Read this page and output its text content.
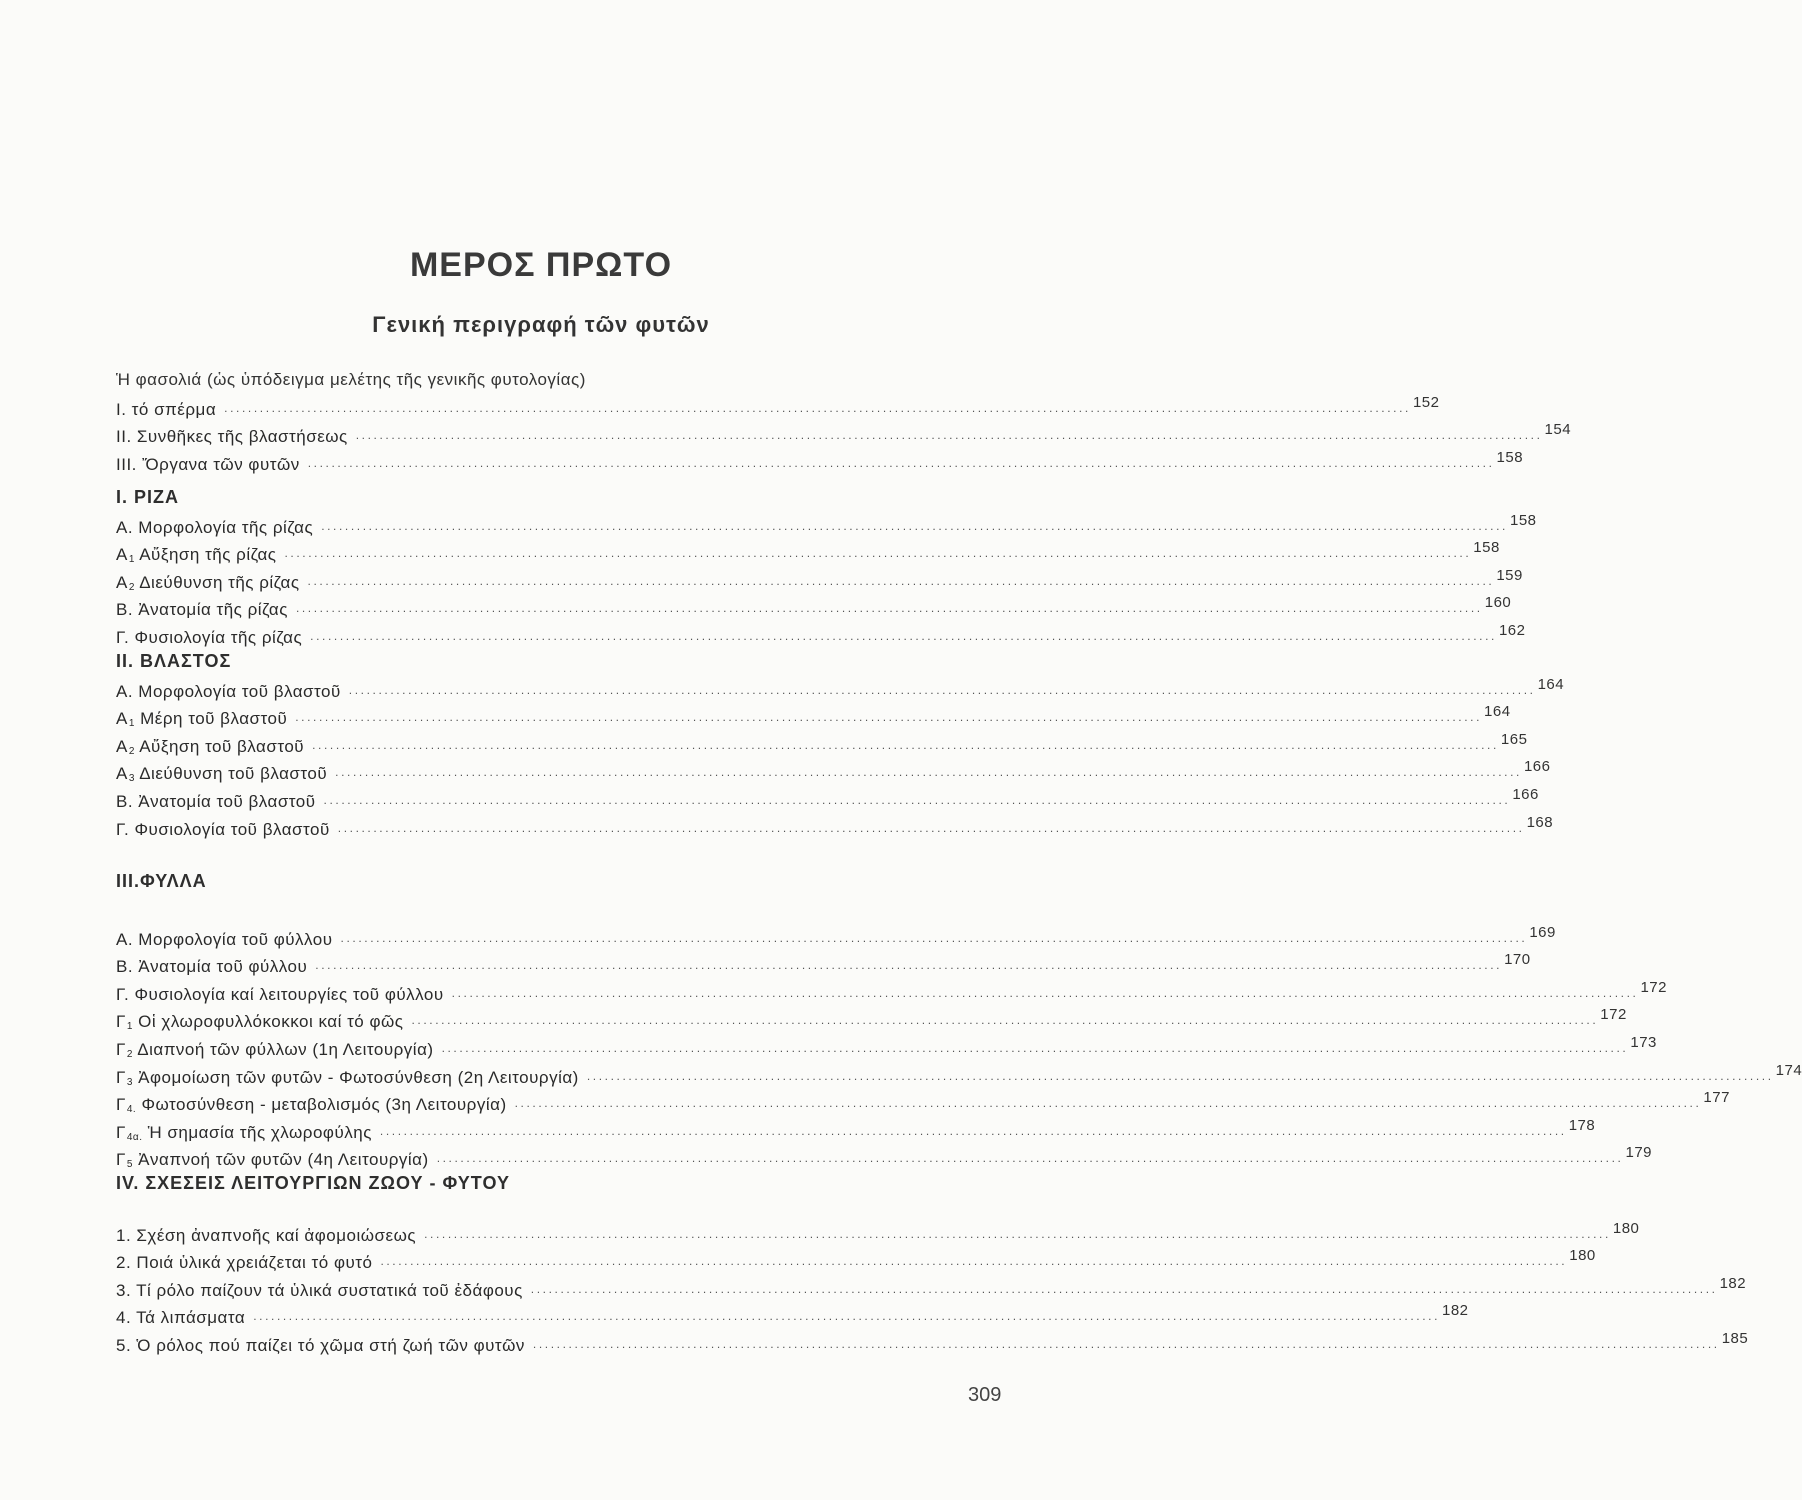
ΜΕΡΟΣ ΠΡΩΤΟ
Γενική περιγραφή τῶν φυτῶν
Ἡ φασολιά (ὡς ὑπόδειγμα μελέτης τῆς γενικῆς φυτολογίας)
I. τό σπέρμα ........................................................................................................................................................................................................ 152
II. Συνθῆκες τῆς βλαστήσεως ........................................................................................................................................................................................................ 154
III. Ὄργανα τῶν φυτῶν ........................................................................................................................................................................................................ 158
I. ΡΙΖΑ
Α. Μορφολογία τῆς ρίζας ........................................................................................................................................................................................................ 158
$A_1$ Αὔξηση τῆς ρίζας ........................................................................................................................................................................................................ 158
$A_2$ Διεύθυνση τῆς ρίζας ........................................................................................................................................................................................................ 159
Β. Ἀνατομία τῆς ρίζας ........................................................................................................................................................................................................ 160
Γ. Φυσιολογία τῆς ρίζας ........................................................................................................................................................................................................ 162
II. ΒΛΑΣΤΟΣ
Α. Μορφολογία τοῦ βλαστοῦ ........................................................................................................................................................................................................ 164
$A_1$ Μέρη τοῦ βλαστοῦ ........................................................................................................................................................................................................ 164
$A_2$ Αὔξηση τοῦ βλαστοῦ ........................................................................................................................................................................................................ 165
$A_3$ Διεύθυνση τοῦ βλαστοῦ ........................................................................................................................................................................................................ 166
Β. Ἀνατομία τοῦ βλαστοῦ ........................................................................................................................................................................................................ 166
Γ. Φυσιολογία τοῦ βλαστοῦ ........................................................................................................................................................................................................ 168
III.ΦΥΛΛΑ
Α. Μορφολογία τοῦ φύλλου ........................................................................................................................................................................................................ 169
Β. Ἀνατομία τοῦ φύλλου ........................................................................................................................................................................................................ 170
Γ. Φυσιολογία καί λειτουργίες τοῦ φύλλου ........................................................................................................................................................................................................ 172
$\Gamma_1$ Οἱ χλωροφυλλόκοκκοι καί τό φῶς ........................................................................................................................................................................................................ 172
$\Gamma_2$ Διαπνοή τῶν φύλλων (1η Λειτουργία) ........................................................................................................................................................................................................ 173
$\Gamma_3$ Ἀφομοίωση τῶν φυτῶν - Φωτοσύνθεση (2η Λειτουργία) ........................................................................................................................................................................................................ 174
$\Gamma_{4.}$ Φωτοσύνθεση - μεταβολισμός (3η Λειτουργία) ........................................................................................................................................................................................................ 177
$\Gamma_{4\alpha.}$ Ἡ σημασία τῆς χλωροφύλης ........................................................................................................................................................................................................ 178
$\Gamma_5$ Ἀναπνοή τῶν φυτῶν (4η Λειτουργία) ........................................................................................................................................................................................................ 179
IV. ΣΧΕΣΕΙΣ ΛΕΙΤΟΥΡΓΙΩΝ ΖΩΟΥ - ΦΥΤΟΥ
1. Σχέση ἀναπνοῆς καί ἀφομοιώσεως ........................................................................................................................................................................................................ 180
2. Ποιά ὑλικά χρειάζεται τό φυτό ........................................................................................................................................................................................................ 180
3. Τί ρόλο παίζουν τά ὑλικά συστατικά τοῦ ἐδάφους ........................................................................................................................................................................................................ 182
4. Τά λιπάσματα ........................................................................................................................................................................................................ 182
5. Ὁ ρόλος πού παίζει τό χῶμα στή ζωή τῶν φυτῶν ........................................................................................................................................................................................................ 185
309
